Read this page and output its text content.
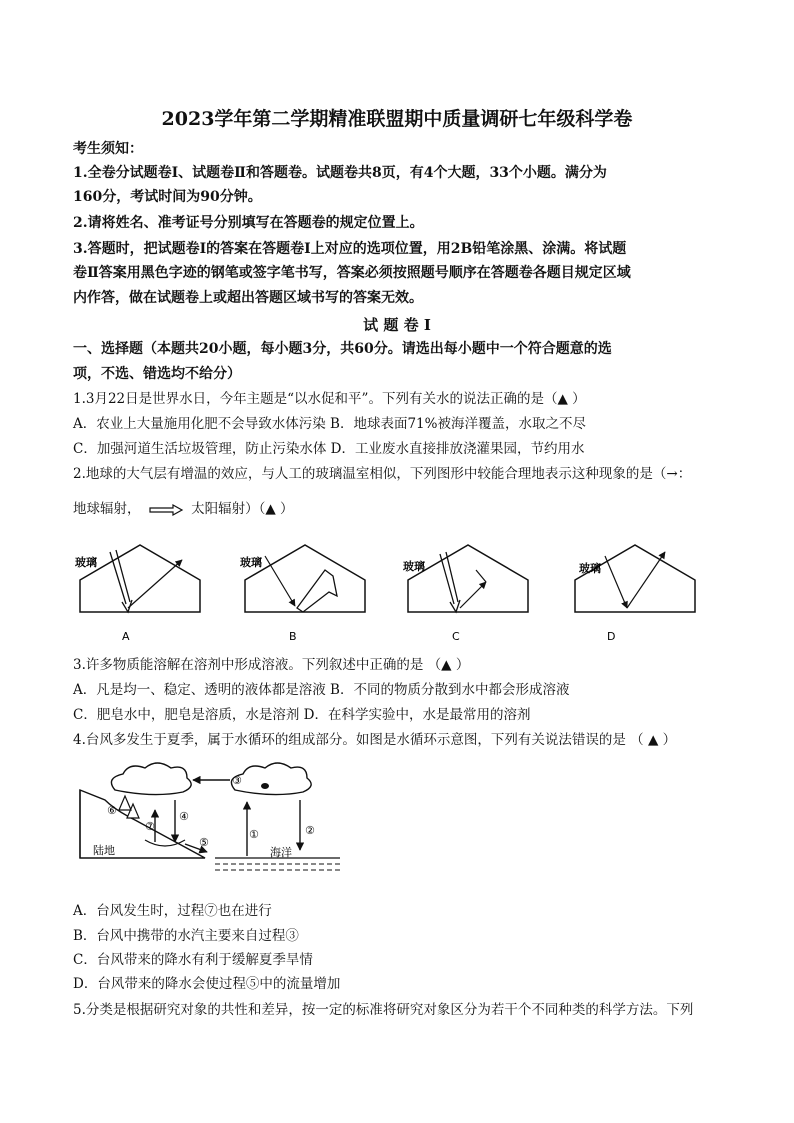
2023学年第二学期精准联盟期中质量调研七年级科学卷
考生须知：
1.全卷分试题卷Ⅰ、试题卷Ⅱ和答题卷。试题卷共8页，有4个大题，33个小题。满分为
160分，考试时间为90分钟。
2.请将姓名、准考证号分别填写在答题卷的规定位置上。
3.答题时，把试题卷Ⅰ的答案在答题卷Ⅰ上对应的选项位置，用2B铅笔涂黑、涂满。将试题
卷Ⅱ答案用黑色字迹的钢笔或签字笔书写，答案必须按照题号顺序在答题卷各题目规定区域
内作答，做在试题卷上或超出答题区域书写的答案无效。
试 题 卷 Ⅰ
一、选择题（本题共20小题，每小题3分，共60分。请选出每小题中一个符合题意的选
项，不选、错选均不给分）
1.3月22日是世界水日，今年主题是“以水促和平”。下列有关水的说法正确的是（▲ ）
A．农业上大量施用化肥不会导致水体污染 B．地球表面71%被海洋覆盖，水取之不尽
C．加强河道生活垃圾管理，防止污染水体 D．工业废水直接排放浇灌果园，节约用水
2.地球的大气层有增温的效应，与人工的玻璃温室相似，下列图形中较能合理地表示这种现象的是（→：
地球辐射，	太阳辐射）（▲ ）
玻璃
A
玻璃
B
玻璃
C
玻璃
D
3.许多物质能溶解在溶剂中形成溶液。下列叙述中正确的是 （▲ ）
A．凡是均一、稳定、透明的液体都是溶液 B．不同的物质分散到水中都会形成溶液
C．肥皂水中，肥皂是溶质，水是溶剂 D．在科学实验中，水是最常用的溶剂
4.台风多发生于夏季，属于水循环的组成部分。如图是水循环示意图，下列有关说法错误的是 （ ▲ ）
③
④
⑦
⑥
⑤
①	②
陆地	海洋
A．台风发生时，过程⑦也在进行
B．台风中携带的水汽主要来自过程③
C．台风带来的降水有利于缓解夏季旱情
D．台风带来的降水会使过程⑤中的流量增加
5.分类是根据研究对象的共性和差异，按一定的标准将研究对象区分为若干个不同种类的科学方法。下列
